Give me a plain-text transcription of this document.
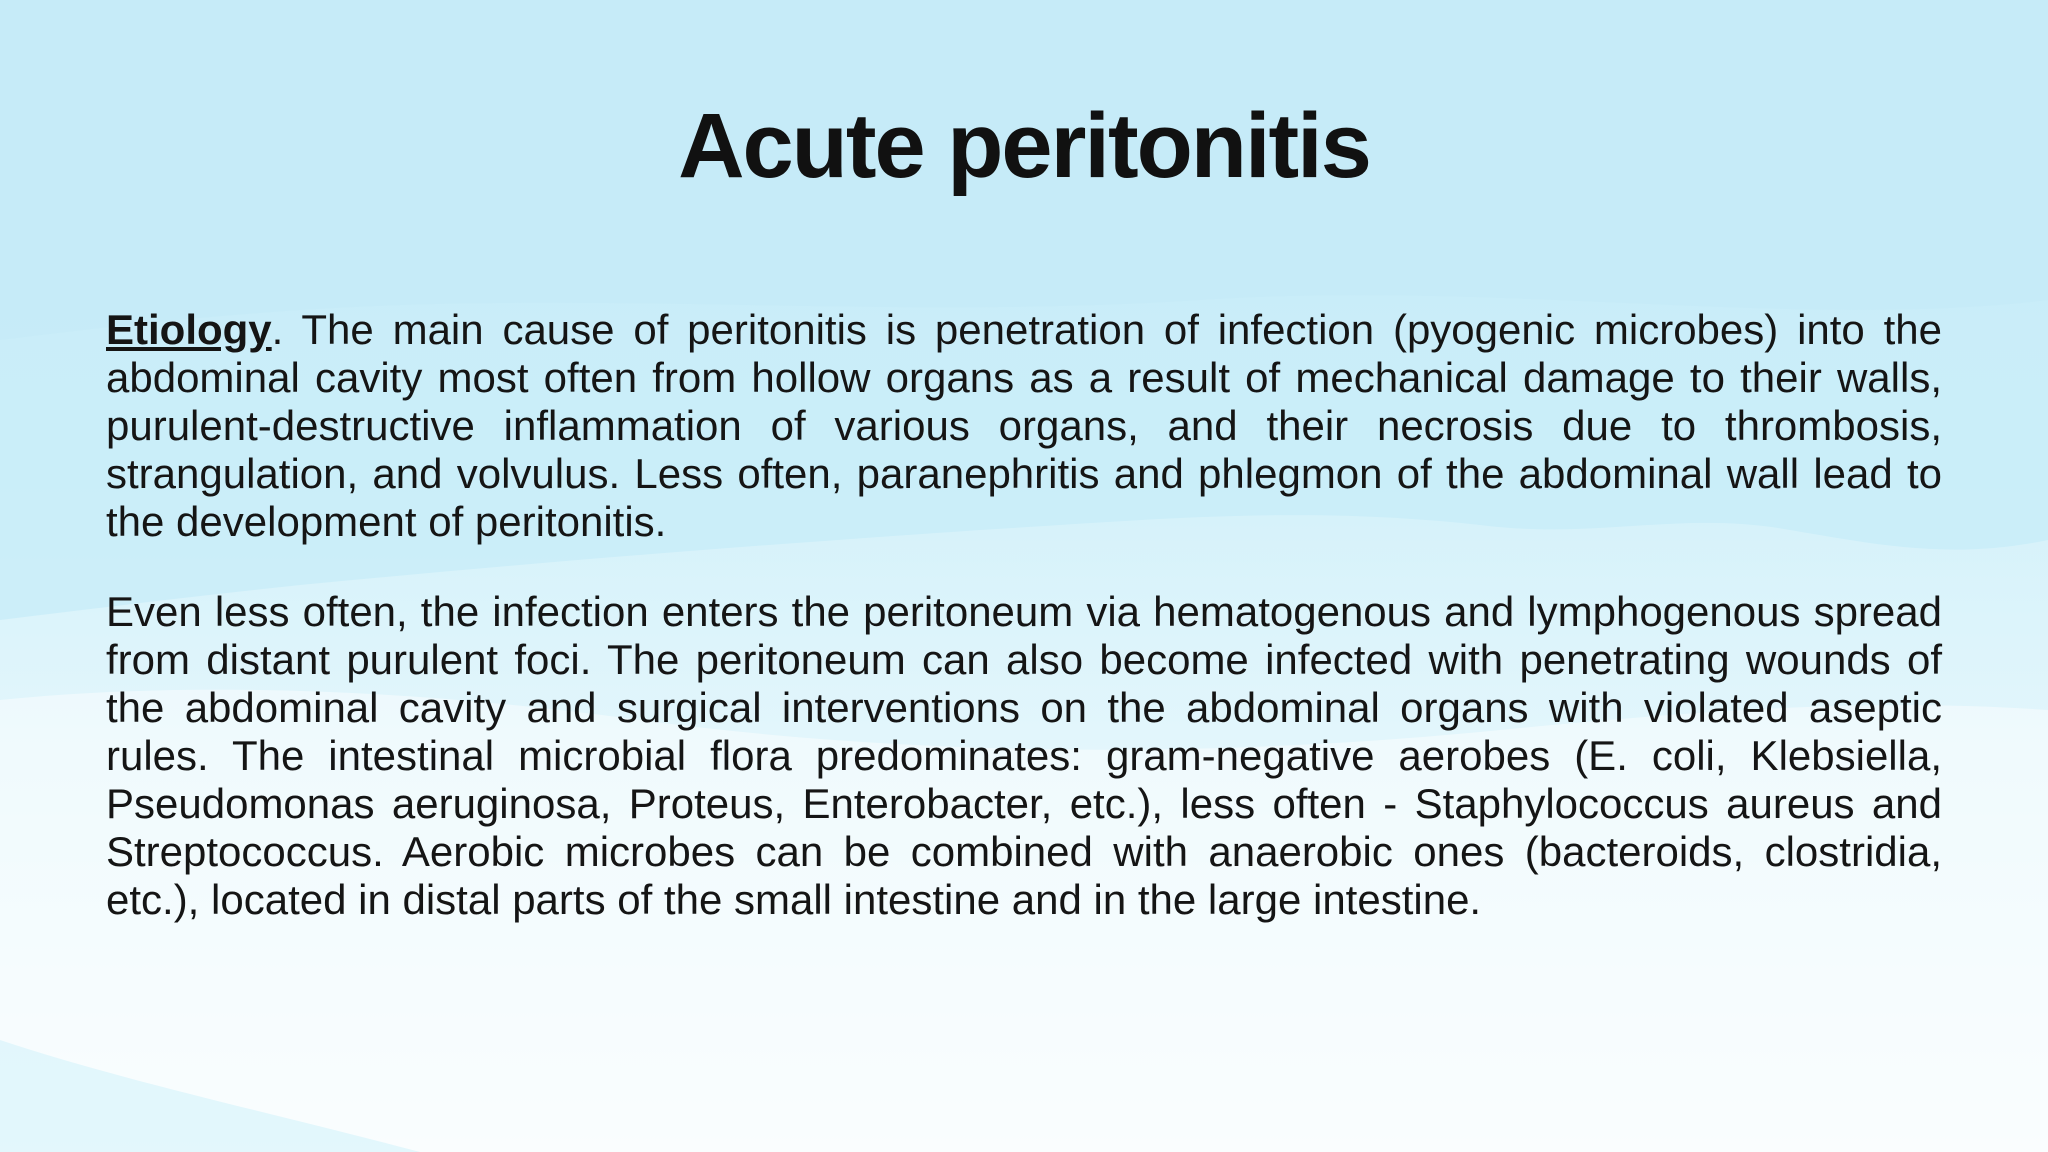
Acute peritonitis

Etiology. The main cause of peritonitis is penetration of infection (pyogenic microbes) into the abdominal cavity most often from hollow organs as a result of mechanical damage to their walls, purulent-destructive inflammation of various organs, and their necrosis due to thrombosis, strangulation, and volvulus. Less often, paranephritis and phlegmon of the abdominal wall lead to the development of peritonitis.

Even less often, the infection enters the peritoneum via hematogenous and lymphogenous spread from distant purulent foci. The peritoneum can also become infected with penetrating wounds of the abdominal cavity and surgical interventions on the abdominal organs with violated aseptic rules. The intestinal microbial flora predominates: gram-negative aerobes (E. coli, Klebsiella, Pseudomonas aeruginosa, Proteus, Enterobacter, etc.), less often - Staphylococcus aureus and Streptococcus. Aerobic microbes can be combined with anaerobic ones (bacteroids, clostridia, etc.), located in distal parts of the small intestine and in the large intestine.
